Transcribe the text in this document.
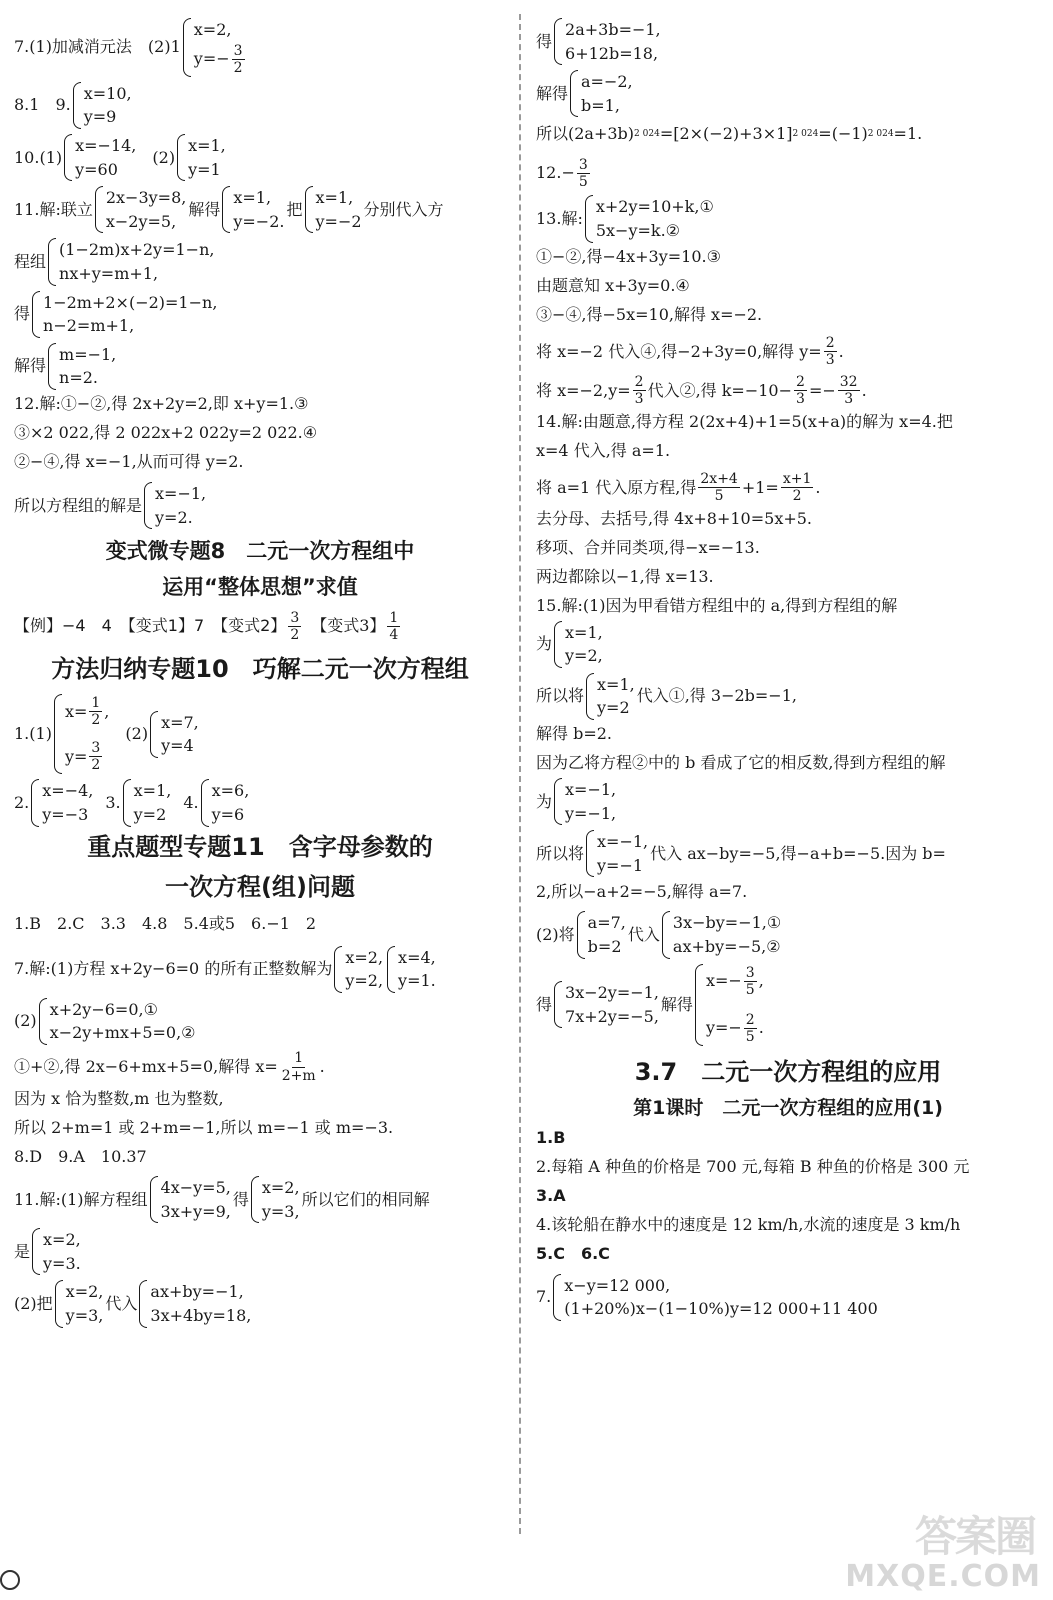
7.(1)加减消元法　(2)1
x=2,
$y=- \frac{3}{2}$
8.1　9.
x=10,
y=9
10.(1)
x=−14,
y=60
(2)
x=1,
y=1
11.解:联立
2x−3y=8,
x−2y=5,
解得
x=1,
y=−2.
把
x=1,
y=−2
分别代入方
程组
(1−2m)x+2y=1−n,
nx+y=m+1,
得
1−2m+2×(−2)=1−n,
n−2=m+1,
解得
m=−1,
n=2.
12.解:①−②,得 2x+2y=2,即 x+y=1.③
③×2 022,得 2 022x+2 022y=2 022.④
②−④,得 x=−1,从而可得 y=2.
所以方程组的解是
x=−1,
y=2.
变式微专题8　二元一次方程组中
运用“整体思想”求值
【例】−4　4　【变式1】7　【变式2】 $\frac{3}{2}$ 　【变式3】 $\frac{1}{4}$
方法归纳专题10　巧解二元一次方程组
1.(1)
$x= \frac{1}{2}$ ,
$y= \frac{3}{2}$
(2)
x=7,
y=4
2.
x=−4,
y=−3
3.
x=1,
y=2
4.
x=6,
y=6
重点题型专题11　含字母参数的
一次方程(组)问题
1.B　2.C　3.3　4.8　5.4或5　6.−1　2
7.解:(1)方程 x+2y−6=0 的所有正整数解为
x=2,
y=2,
x=4,
y=1.
(2)
x+2y−6=0,①
x−2y+mx+5=0,②
①+②,得 2x−6+mx+5=0,解得 $x= \frac{1}{2+m}$ .
因为 x 恰为整数,m 也为整数,
所以 2+m=1 或 2+m=−1,所以 m=−1 或 m=−3.
8.D　9.A　10.37
11.解:(1)解方程组
4x−y=5,
3x+y=9,
得
x=2,
y=3,
所以它们的相同解
是
x=2,
y=3.
(2)把
x=2,
y=3,
代入
ax+by=−1,
3x+4by=18,
得
2a+3b=−1,
6+12b=18,
解得
a=−2,
b=1,
所以(2a+3b) 2 024 =[2×(−2)+3×1] 2 024 =(−1) 2 024 =1.
$12.- \frac{3}{5}$
13.解:
x+2y=10+k,①
5x−y=k.②
①−②,得−4x+3y=10.③
由题意知 x+3y=0.④
③−④,得−5x=10,解得 x=−2.
将 x=−2 代入④,得−2+3y=0,解得 $y= \frac{2}{3}$ .
将 $x=-2,y= \frac{2}{3}$ 代入②,得 $k=-10- \frac{2}{3} =- \frac{32}{3}$ .
14.解:由题意,得方程 2(2x+4)+1=5(x+a)的解为 x=4.把
x=4 代入,得 a=1.
将 a=1 代入原方程,得 $\frac{2x+4}{5} +1= \frac{x+1}{2}$ .
去分母、去括号,得 4x+8+10=5x+5.
移项、合并同类项,得−x=−13.
两边都除以−1,得 x=13.
15.解:(1)因为甲看错方程组中的 a,得到方程组的解
为
x=1,
y=2,
所以将
x=1,
y=2
代入①,得 3−2b=−1,
解得 b=2.
因为乙将方程②中的 b 看成了它的相反数,得到方程组的解
为
x=−1,
y=−1,
所以将
x=−1,
y=−1
代入 ax−by=−5,得−a+b=−5.因为 b=
2,所以−a+2=−5,解得 a=7.
(2)将
a=7,
b=2
代入
3x−by=−1,①
ax+by=−5,②
得
3x−2y=−1,
7x+2y=−5,
解得
$x=- \frac{3}{5}$ ,
$y=- \frac{2}{5}$ .
3.7　二元一次方程组的应用
第1课时　二元一次方程组的应用(1)
1.B
2.每箱 A 种鱼的价格是 700 元,每箱 B 种鱼的价格是 300 元
3.A
4.该轮船在静水中的速度是 12 km/h,水流的速度是 3 km/h
5.C　6.C
7.
x−y=12 000,
(1+20%)x−(1−10%)y=12 000+11 400
答案圈
MXQE.COM
